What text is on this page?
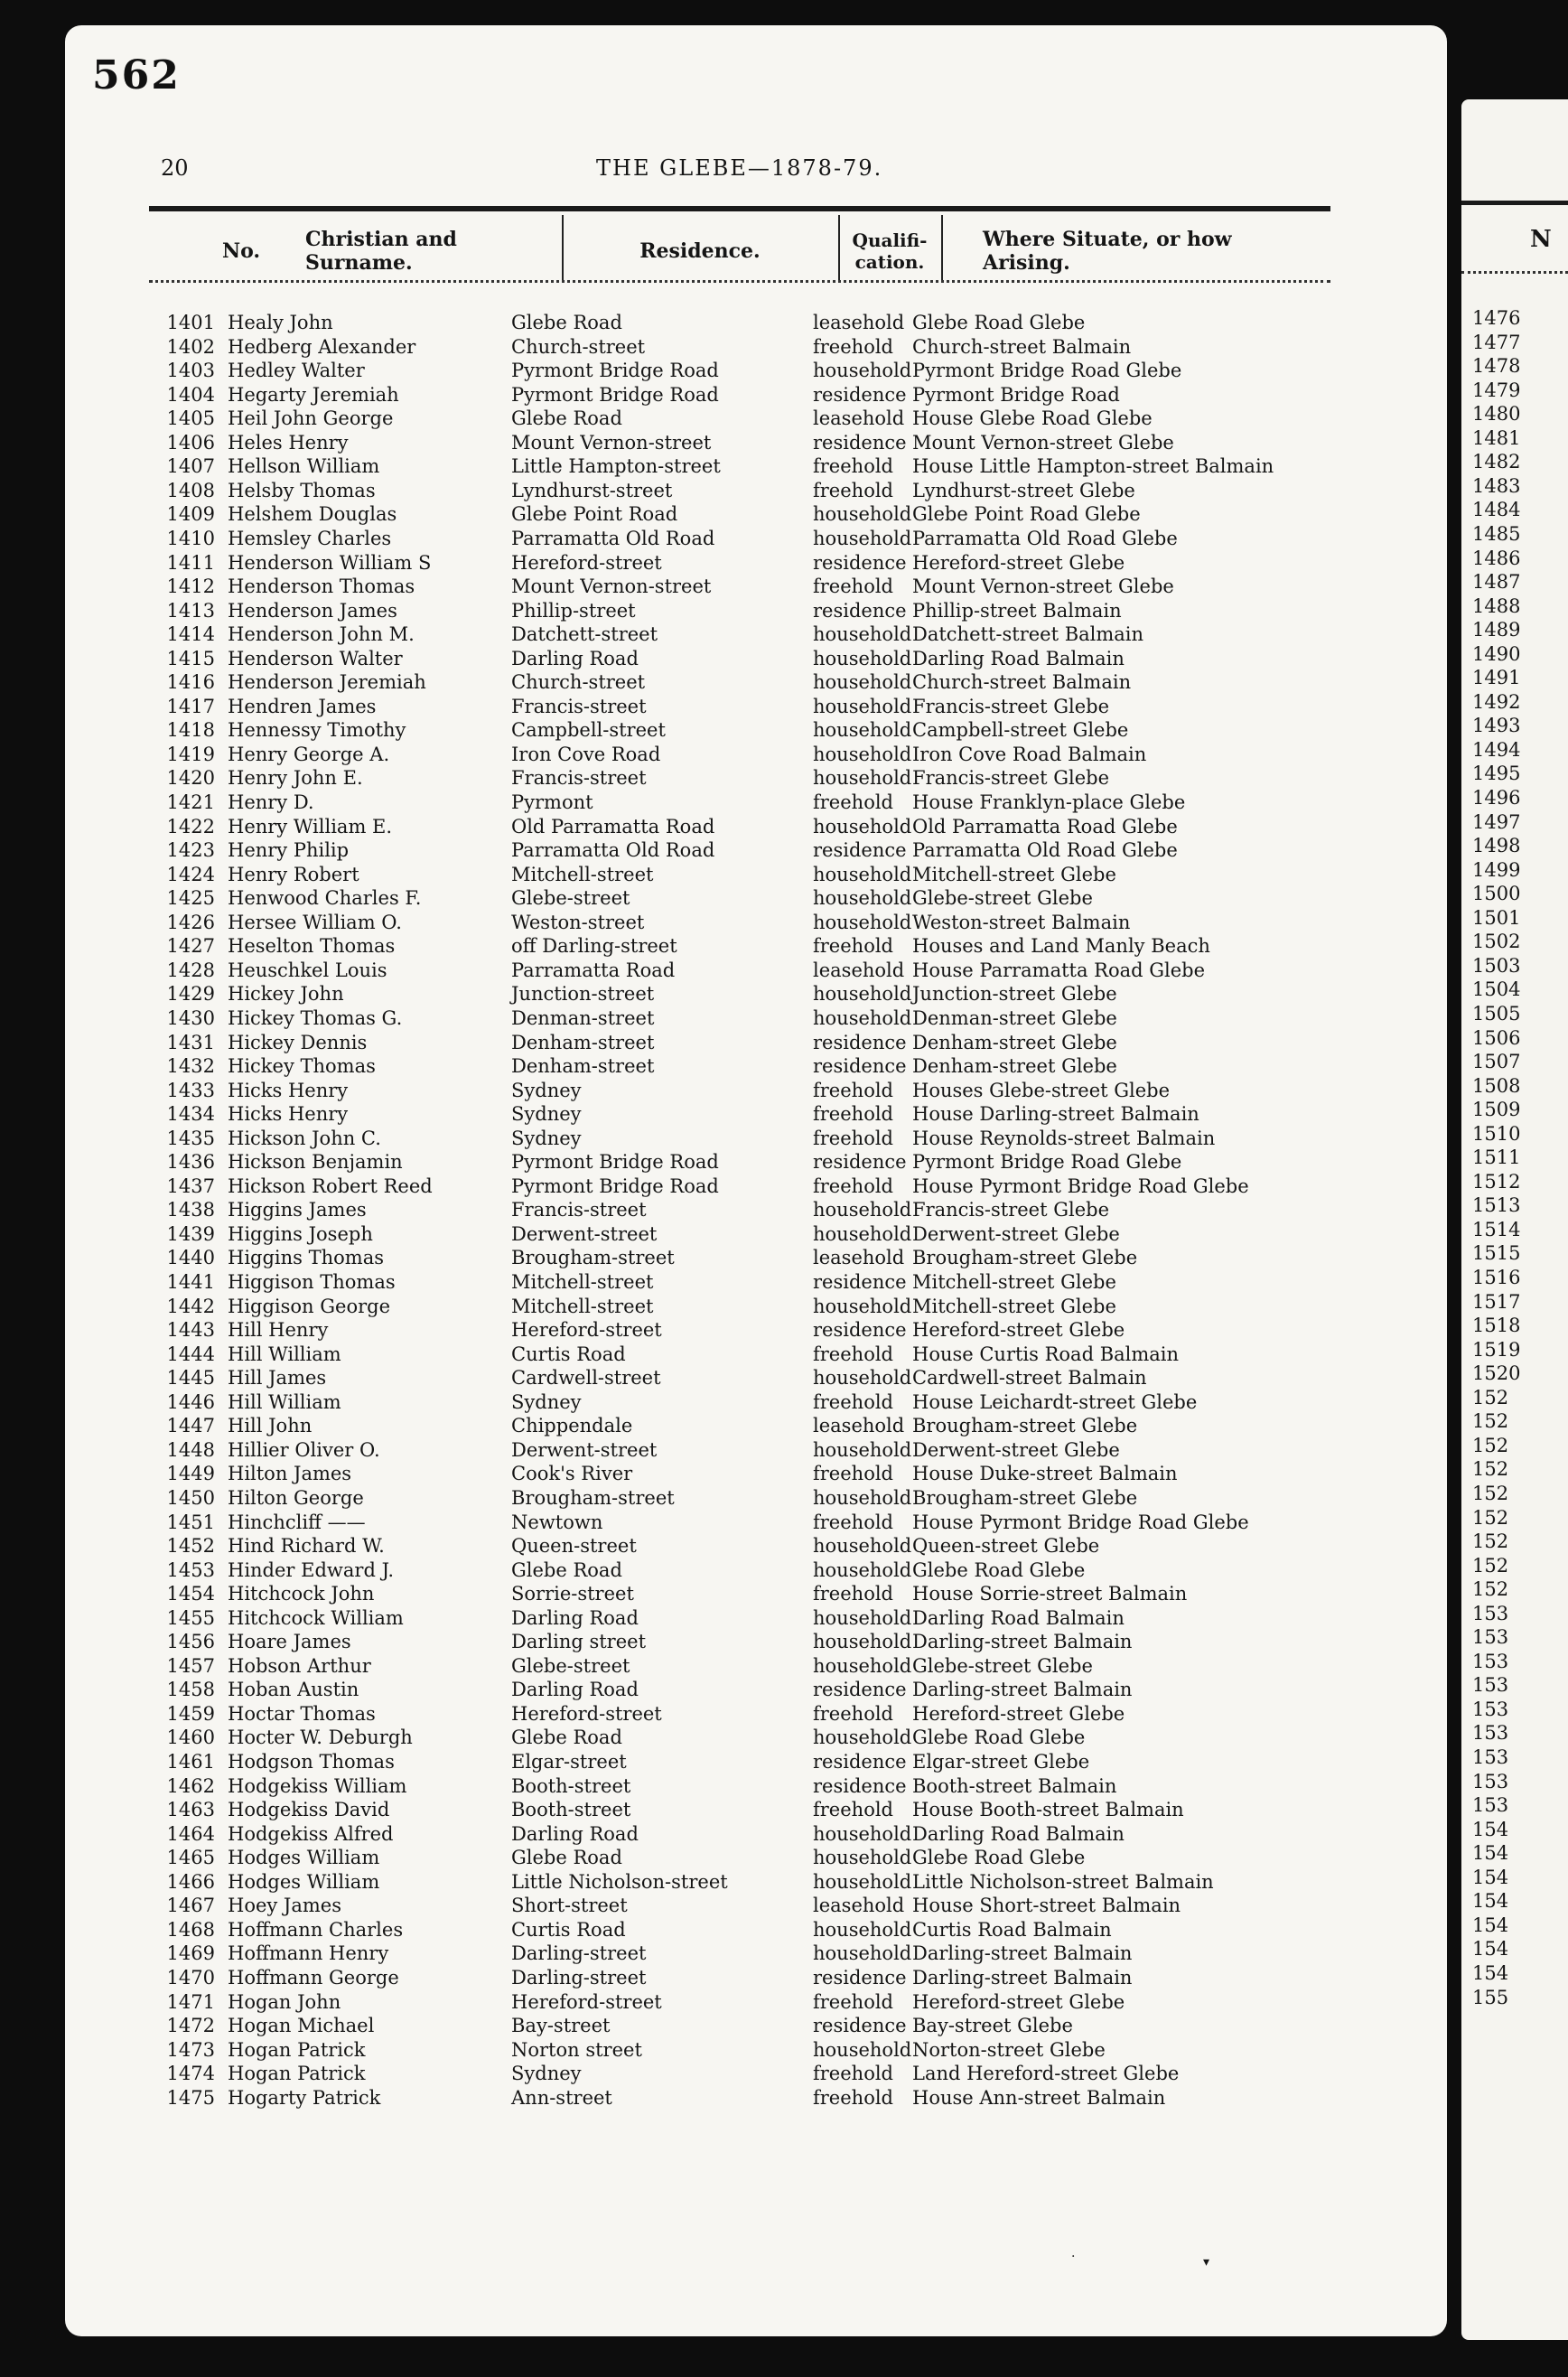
N
1476
1477
1478
1479
1480
1481
1482
1483
1484
1485
1486
1487
1488
1489
1490
1491
1492
1493
1494
1495
1496
1497
1498
1499
1500
1501
1502
1503
1504
1505
1506
1507
1508
1509
1510
1511
1512
1513
1514
1515
1516
1517
1518
1519
1520
152
152
152
152
152
152
152
152
152
153
153
153
153
153
153
153
153
153
154
154
154
154
154
154
154
155
562
20	THE GLEBE—1878-79.
No.	Christian and Surname.	Residence.	Qualifi-cation.
Where Situate, or how Arising.
1401 Healy John	Glebe Road	leasehold Glebe Road Glebe
1402 Hedberg Alexander	Church-street	freehold Church-street Balmain
1403 Hedley Walter	Pyrmont Bridge Road	household Pyrmont Bridge Road Glebe
1404 Hegarty Jeremiah	Pyrmont Bridge Road	residence Pyrmont Bridge Road
1405 Heil John George	Glebe Road	leasehold House Glebe Road Glebe
1406 Heles Henry	Mount Vernon-street	residence Mount Vernon-street Glebe
1407 Hellson William	Little Hampton-street	freehold House Little Hampton-street Balmain
1408 Helsby Thomas	Lyndhurst-street	freehold Lyndhurst-street Glebe
1409 Helshem Douglas	Glebe Point Road	household Glebe Point Road Glebe
1410 Hemsley Charles	Parramatta Old Road	household Parramatta Old Road Glebe
1411 Henderson William S	Hereford-street	residence Hereford-street Glebe
1412 Henderson Thomas	Mount Vernon-street	freehold Mount Vernon-street Glebe
1413 Henderson James	Phillip-street	residence Phillip-street Balmain
1414 Henderson John M.	Datchett-street	household Datchett-street Balmain
1415 Henderson Walter	Darling Road	household Darling Road Balmain
1416 Henderson Jeremiah	Church-street	household Church-street Balmain
1417 Hendren James	Francis-street	household Francis-street Glebe
1418 Hennessy Timothy	Campbell-street	household Campbell-street Glebe
1419 Henry George A.	Iron Cove Road	household Iron Cove Road Balmain
1420 Henry John E.	Francis-street	household Francis-street Glebe
1421 Henry D.	Pyrmont	freehold House Franklyn-place Glebe
1422 Henry William E.	Old Parramatta Road	household Old Parramatta Road Glebe
1423 Henry Philip	Parramatta Old Road	residence Parramatta Old Road Glebe
1424 Henry Robert	Mitchell-street	household Mitchell-street Glebe
1425 Henwood Charles F.	Glebe-street	household Glebe-street Glebe
1426 Hersee William O.	Weston-street	household Weston-street Balmain
1427 Heselton Thomas	off Darling-street	freehold Houses and Land Manly Beach
1428 Heuschkel Louis	Parramatta Road	leasehold House Parramatta Road Glebe
1429 Hickey John	Junction-street	household Junction-street Glebe
1430 Hickey Thomas G.	Denman-street	household Denman-street Glebe
1431 Hickey Dennis	Denham-street	residence Denham-street Glebe
1432 Hickey Thomas	Denham-street	residence Denham-street Glebe
1433 Hicks Henry	Sydney	freehold Houses Glebe-street Glebe
1434 Hicks Henry	Sydney	freehold House Darling-street Balmain
1435 Hickson John C.	Sydney	freehold House Reynolds-street Balmain
1436 Hickson Benjamin	Pyrmont Bridge Road	residence Pyrmont Bridge Road Glebe
1437 Hickson Robert Reed	Pyrmont Bridge Road	freehold House Pyrmont Bridge Road Glebe
1438 Higgins James	Francis-street	household Francis-street Glebe
1439 Higgins Joseph	Derwent-street	household Derwent-street Glebe
1440 Higgins Thomas	Brougham-street	leasehold Brougham-street Glebe
1441 Higgison Thomas	Mitchell-street	residence Mitchell-street Glebe
1442 Higgison George	Mitchell-street	household Mitchell-street Glebe
1443 Hill Henry	Hereford-street	residence Hereford-street Glebe
1444 Hill William	Curtis Road	freehold House Curtis Road Balmain
1445 Hill James	Cardwell-street	household Cardwell-street Balmain
1446 Hill William	Sydney	freehold House Leichardt-street Glebe
1447 Hill John	Chippendale	leasehold Brougham-street Glebe
1448 Hillier Oliver O.	Derwent-street	household Derwent-street Glebe
1449 Hilton James	Cook's River	freehold House Duke-street Balmain
1450 Hilton George	Brougham-street	household Brougham-street Glebe
1451 Hinchcliff ——	Newtown	freehold House Pyrmont Bridge Road Glebe
1452 Hind Richard W.	Queen-street	household Queen-street Glebe
1453 Hinder Edward J.	Glebe Road	household Glebe Road Glebe
1454 Hitchcock John	Sorrie-street	freehold House Sorrie-street Balmain
1455 Hitchcock William	Darling Road	household Darling Road Balmain
1456 Hoare James	Darling street	household Darling-street Balmain
1457 Hobson Arthur	Glebe-street	household Glebe-street Glebe
1458 Hoban Austin	Darling Road	residence Darling-street Balmain
1459 Hoctar Thomas	Hereford-street	freehold Hereford-street Glebe
1460 Hocter W. Deburgh	Glebe Road	household Glebe Road Glebe
1461 Hodgson Thomas	Elgar-street	residence Elgar-street Glebe
1462 Hodgekiss William	Booth-street	residence Booth-street Balmain
1463 Hodgekiss David	Booth-street	freehold House Booth-street Balmain
1464 Hodgekiss Alfred	Darling Road	household Darling Road Balmain
1465 Hodges William	Glebe Road	household Glebe Road Glebe
1466 Hodges William	Little Nicholson-street	household Little Nicholson-street Balmain
1467 Hoey James	Short-street	leasehold House Short-street Balmain
1468 Hoffmann Charles	Curtis Road	household Curtis Road Balmain
1469 Hoffmann Henry	Darling-street	household Darling-street Balmain
1470 Hoffmann George	Darling-street	residence Darling-street Balmain
1471 Hogan John	Hereford-street	freehold Hereford-street Glebe
1472 Hogan Michael	Bay-street	residence Bay-street Glebe
1473 Hogan Patrick	Norton street	household Norton-street Glebe
1474 Hogan Patrick	Sydney	freehold Land Hereford-street Glebe
1475 Hogarty Patrick	Ann-street	freehold House Ann-street Balmain
·	▾
